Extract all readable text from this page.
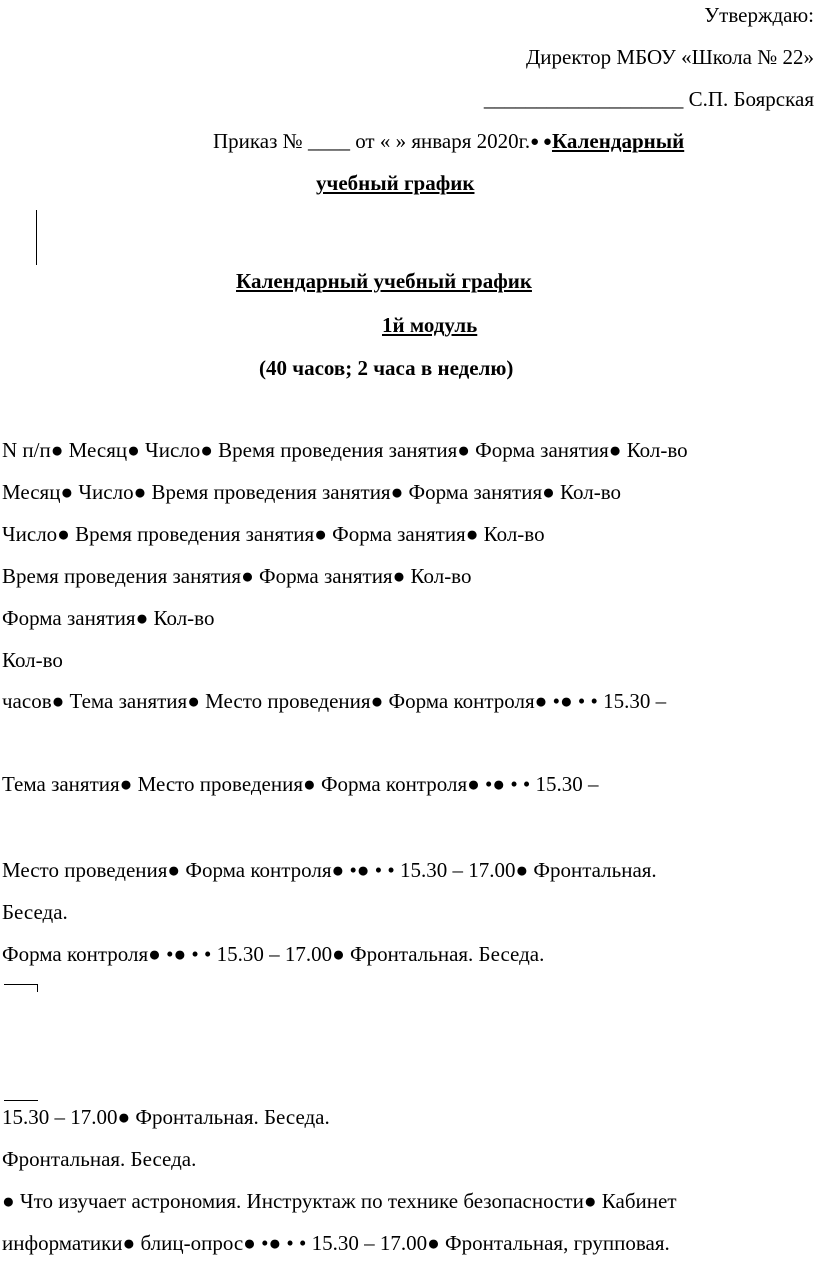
Утверждаю:
Директор МБОУ «Школа № 22»
___________________ С.П. Боярская
Приказ № ____ от « » января 2020г.● ●Календарный
учебный график
Календарный учебный график
1й модуль
(40 часов; 2 часа в неделю)
N п/п● Месяц● Число● Время проведения занятия● Форма занятия● Кол-во
Месяц● Число● Время проведения занятия● Форма занятия● Кол-во
Число● Время проведения занятия● Форма занятия● Кол-во
Время проведения занятия● Форма занятия● Кол-во
Форма занятия● Кол-во
Кол-во
часов● Тема занятия● Место проведения● Форма контроля● •● • • 15.30 –
Тема занятия● Место проведения● Форма контроля● •● • • 15.30 –
Место проведения● Форма контроля● •● • • 15.30 – 17.00● Фронтальная.
Беседа.
Форма контроля● •● • • 15.30 – 17.00● Фронтальная. Беседа.
15.30 – 17.00● Фронтальная. Беседа.
Фронтальная. Беседа.
● Что изучает астрономия. Инструктаж по технике безопасности● Кабинет
информатики● блиц-опрос● •● • • 15.30 – 17.00● Фронтальная, групповая.
